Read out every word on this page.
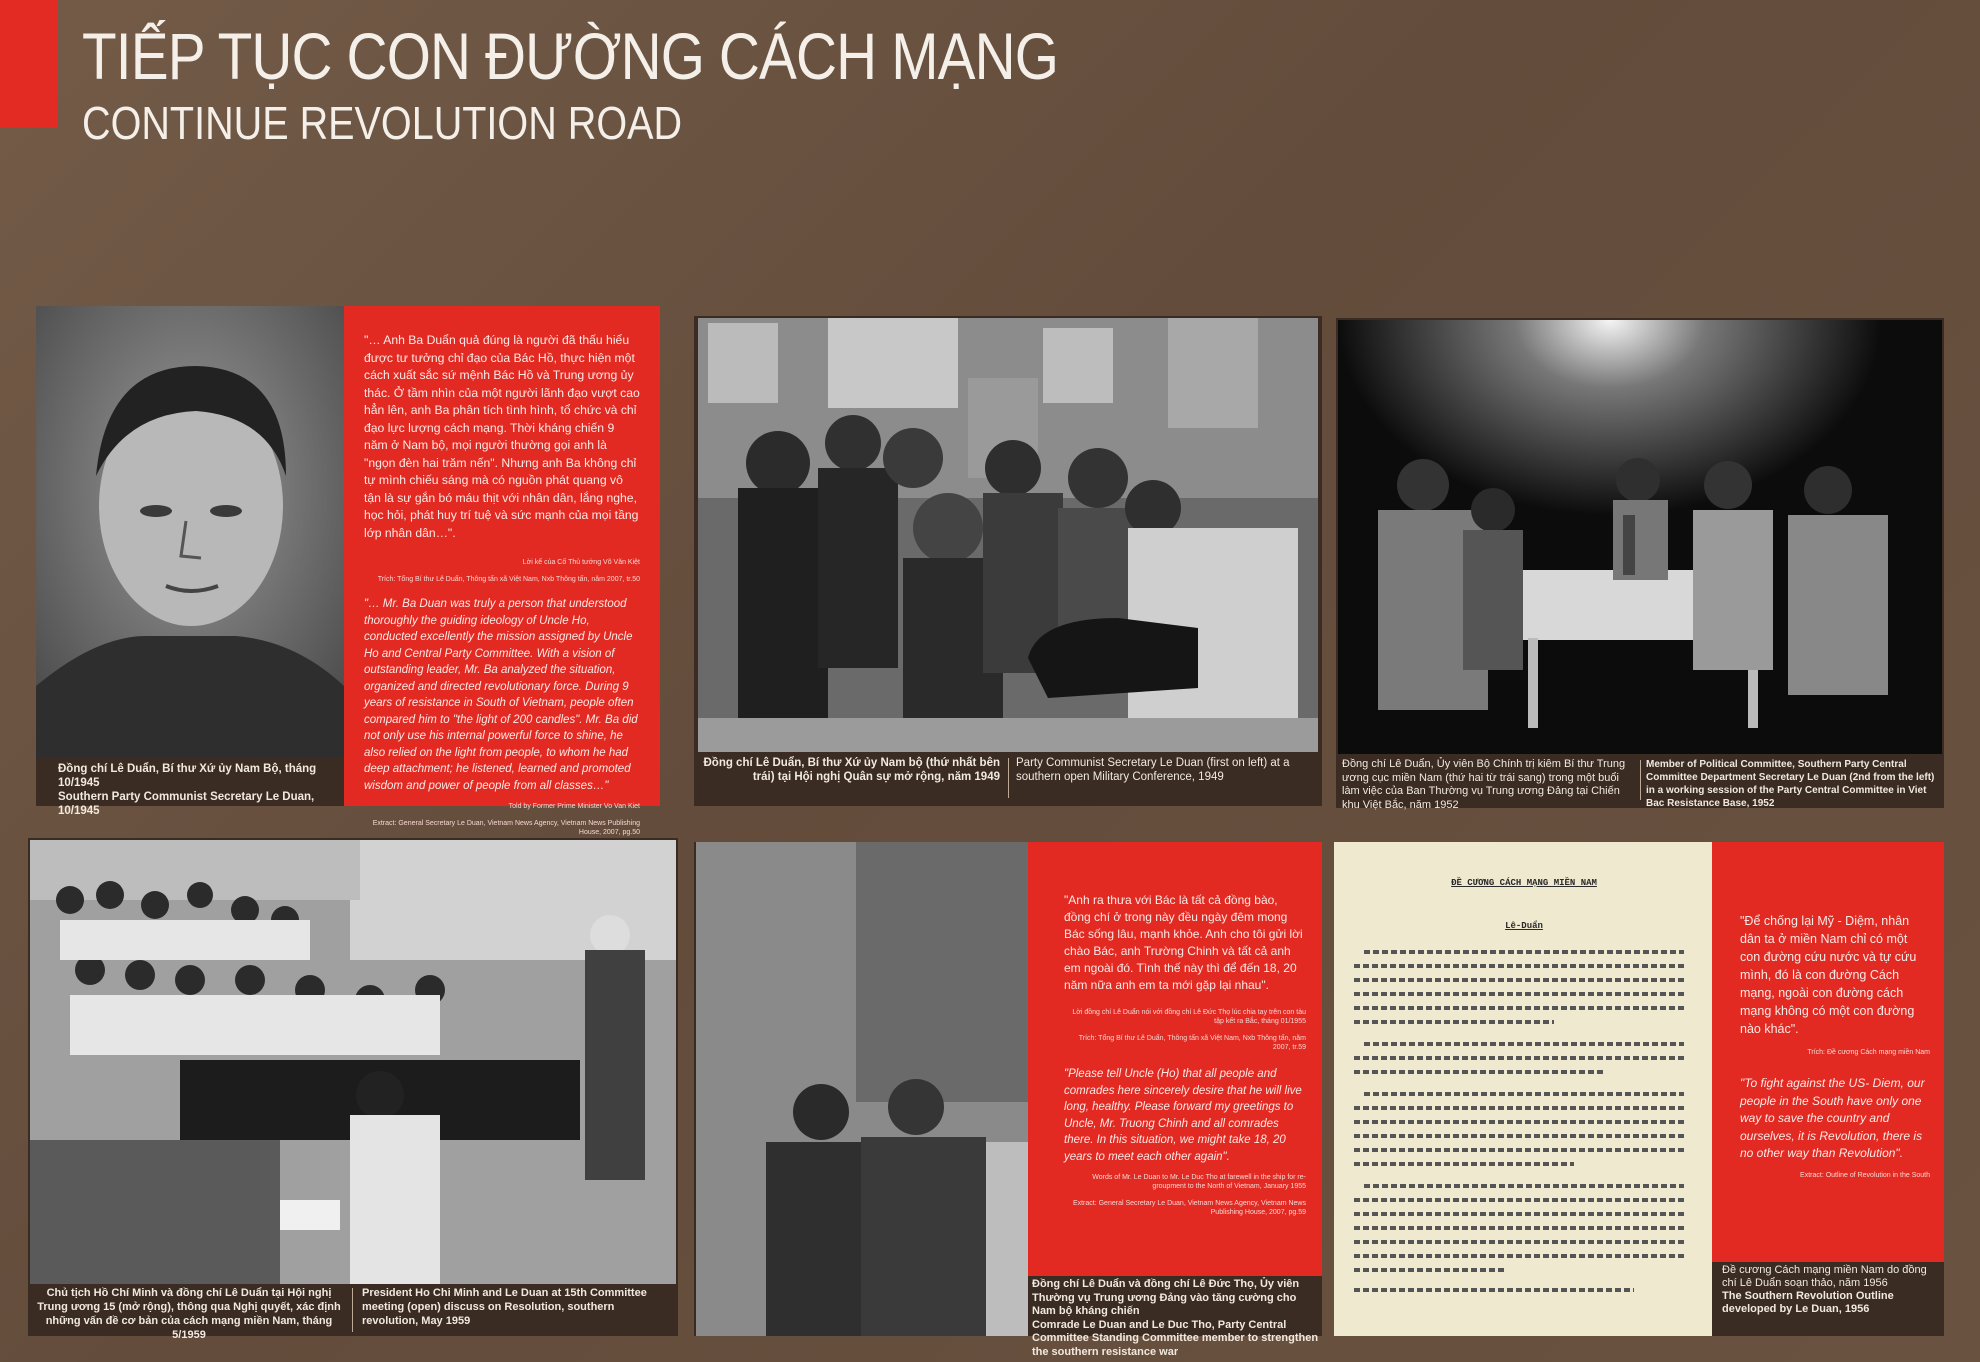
TIẾP TỤC CON ĐƯỜNG CÁCH MẠNG
CONTINUE REVOLUTION ROAD
Đồng chí Lê Duẩn, Bí thư Xứ ủy Nam Bộ, tháng 10/1945
Southern Party Communist Secretary Le Duan, 10/1945
"… Anh Ba Duẩn quả đúng là người đã thấu hiểu được tư tưởng chỉ đạo của Bác Hồ, thực hiện một cách xuất sắc sứ mệnh Bác Hồ và Trung ương ủy thác. Ở tầm nhìn của một người lãnh đạo vượt cao hẳn lên, anh Ba phân tích tình hình, tổ chức và chỉ đạo lực lượng cách mạng. Thời kháng chiến 9 năm ở Nam bộ, mọi người thường gọi anh là "ngọn đèn hai trăm nến". Nhưng anh Ba không chỉ tự mình chiếu sáng mà có nguồn phát quang vô tận là sự gắn bó máu thịt với nhân dân, lắng nghe, học hỏi, phát huy trí tuệ và sức mạnh của mọi tầng lớp nhân dân…".
Lời kể của Cố Thủ tướng Võ Văn Kiệt
Trích: Tổng Bí thư Lê Duẩn, Thông tấn xã Việt Nam, Nxb Thông tấn, năm 2007, tr.50
"… Mr. Ba Duan was truly a person that understood thoroughly the guiding ideology of Uncle Ho, conducted excellently the mission assigned by Uncle Ho and Central Party Committee. With a vision of outstanding leader, Mr. Ba analyzed the situation, organized and directed revolutionary force. During 9 years of resistance in South of Vietnam, people often compared him to "the light of 200 candles". Mr. Ba did not only use his internal powerful force to shine, he also relied on the light from people, to whom he had deep attachment; he listened, learned and promoted wisdom and power of people from all classes…"
Told by Former Prime Minister Vo Van Kiet
Extract: General Secretary Le Duan, Vietnam News Agency, Vietnam News Publishing House, 2007, pg.50
Đồng chí Lê Duẩn, Bí thư Xứ ủy Nam bộ (thứ nhất bên trái) tại Hội nghị Quân sự mở rộng, năm 1949
Party Communist Secretary Le Duan (first on left) at a southern open Military Conference, 1949
Đồng chí Lê Duẩn, Ủy viên Bộ Chính trị kiêm Bí thư Trung ương cục miền Nam (thứ hai từ trái sang) trong một buổi làm việc của Ban Thường vụ Trung ương Đảng tại Chiến khu Việt Bắc, năm 1952
Member of Political Committee, Southern Party Central Committee Department Secretary Le Duan (2nd from the left) in a working session of the Party Central Committee in Viet Bac Resistance Base, 1952
Chủ tịch Hồ Chí Minh và đồng chí Lê Duẩn tại Hội nghị Trung ương 15 (mở rộng), thông qua Nghị quyết, xác định những vấn đề cơ bản của cách mạng miền Nam, tháng 5/1959
President Ho Chi Minh and Le Duan at 15th Committee meeting (open) discuss on Resolution, southern revolution, May 1959
"Anh ra thưa với Bác là tất cả đồng bào, đồng chí ở trong này đều ngày đêm mong Bác sống lâu, mạnh khỏe. Anh cho tôi gửi lời chào Bác, anh Trường Chinh và tất cả anh em ngoài đó. Tình thế này thì để đến 18, 20 năm nữa anh em ta mới gặp lại nhau".
Lời đồng chí Lê Duẩn nói với đồng chí Lê Đức Thọ lúc chia tay trên con tàu tập kết ra Bắc, tháng 01/1955
Trích: Tổng Bí thư Lê Duẩn, Thông tấn xã Việt Nam, Nxb Thông tấn, năm 2007, tr.59
"Please tell Uncle (Ho) that all people and comrades here sincerely desire that he will live long, healthy. Please forward my greetings to Uncle, Mr. Truong Chinh and all comrades there. In this situation, we might take 18, 20 years to meet each other again".
Words of Mr. Le Duan to Mr. Le Duc Tho at farewell in the ship for re-groupment to the North of Vietnam, January 1955
Extract: General Secretary Le Duan, Vietnam News Agency, Vietnam News Publishing House, 2007, pg.59
Đồng chí Lê Duẩn và đồng chí Lê Đức Thọ, Ủy viên Thường vụ Trung ương Đảng vào tăng cường cho Nam bộ kháng chiến
Comrade Le Duan and Le Duc Tho, Party Central Committee Standing Committee member to strengthen the southern resistance war
ĐỀ CƯƠNG CÁCH MẠNG MIỀN NAM
Lê-Duẩn	"Để chống lại Mỹ - Diệm, nhân dân ta ở miền Nam chỉ có một con đường cứu nước và tự cứu mình, đó là con đường Cách mạng, ngoài con đường cách mạng không có một con đường nào khác".
Trích: Đề cương Cách mạng miền Nam
"To fight against the US- Diem, our people in the South have only one way to save the country and ourselves, it is Revolution, there is no other way than Revolution".
Extract: Outline of Revolution in the South
Đề cương Cách mạng miền Nam do đồng chí Lê Duẩn soạn thảo, năm 1956
The Southern Revolution Outline developed by Le Duan, 1956
